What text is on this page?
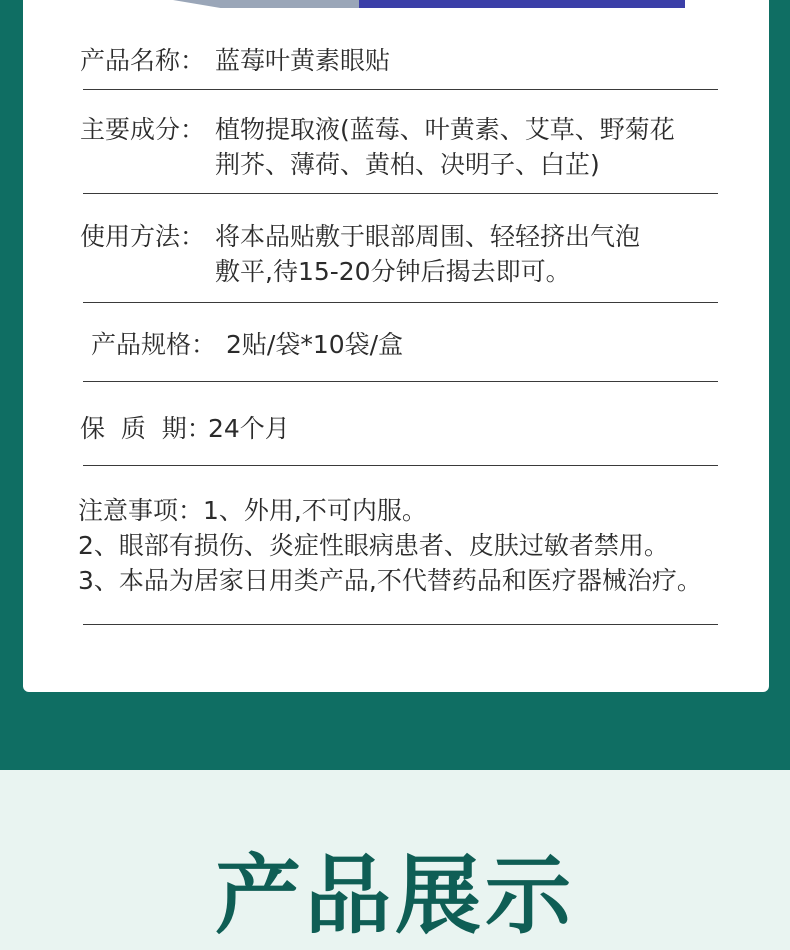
产品名称： 蓝莓叶黄素眼贴
主要成分： 植物提取液(蓝莓、叶黄素、艾草、野菊花
荆芥、薄荷、黄柏、决明子、白芷)
使用方法： 将本品贴敷于眼部周围、轻轻挤出气泡
敷平,待15-20分钟后揭去即可。
产品规格： 2贴/袋*10袋/盒
保  质  期：
24个月
注意事项：1、外用,不可内服。
2、眼部有损伤、炎症性眼病患者、皮肤过敏者禁用。
3、本品为居家日用类产品,不代替药品和医疗器械治疗。
产品展示
